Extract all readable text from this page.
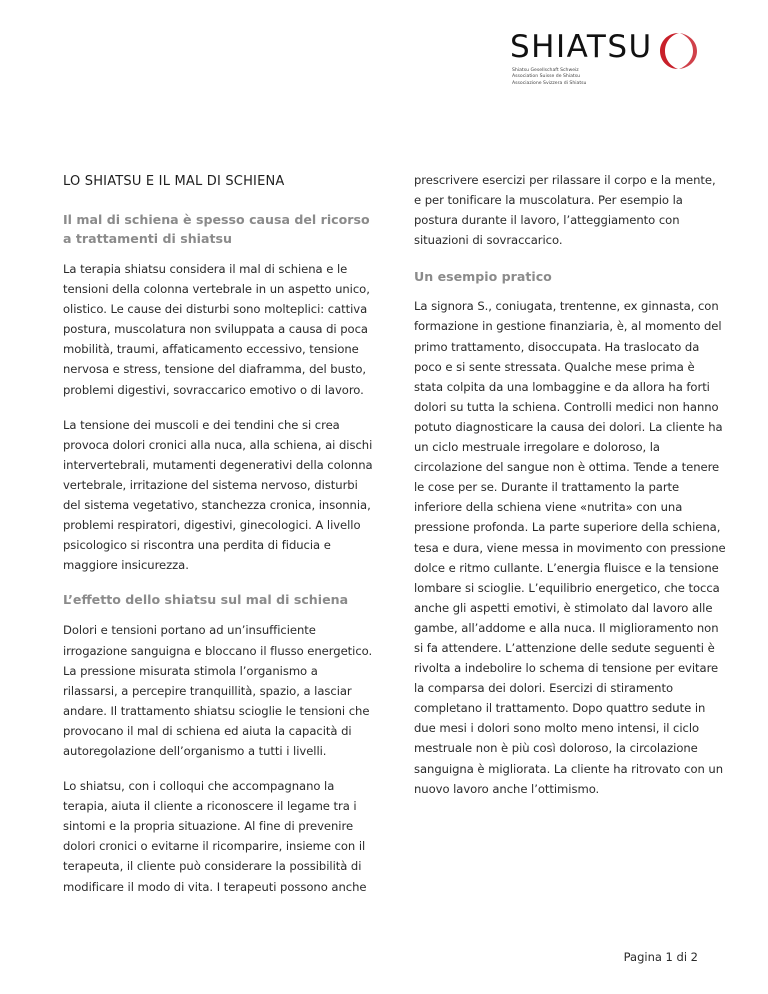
SHIATSU
Shiatsu Gesellschaft Schweiz
Association Suisse de Shiatsu
Associazione Svizzera di Shiatsu
LO SHIATSU E IL MAL DI SCHIENA
Il mal di schiena è spesso causa del ricorso a trattamenti di shiatsu

La terapia shiatsu considera il mal di schiena e le tensioni della colonna vertebrale in un aspetto unico, olistico. Le cause dei disturbi sono molteplici: cattiva postura, muscolatura non sviluppata a causa di poca mobilità, traumi, affaticamento eccessivo, tensione nervosa e stress, tensione del diaframma, del busto, problemi digestivi, sovraccarico emotivo o di lavoro.

La tensione dei muscoli e dei tendini che si crea provoca dolori cronici alla nuca, alla schiena, ai dischi intervertebrali, mutamenti degenerativi della colonna vertebrale, irritazione del sistema nervoso, disturbi del sistema vegetativo, stanchezza cronica, insonnia, problemi respiratori, digestivi, ginecologici. A livello psicologico si riscontra una perdita di fiducia e maggiore insicurezza.

L’effetto dello shiatsu sul mal di schiena

Dolori e tensioni portano ad un’insufficiente irrogazione sanguigna e bloccano il flusso energetico. La pressione misurata stimola l’organismo a rilassarsi, a percepire tranquillità, spazio, a lasciar andare. Il trattamento shiatsu scioglie le tensioni che provocano il mal di schiena ed aiuta la capacità di autoregolazione dell’organismo a tutti i livelli.

Lo shiatsu, con i colloqui che accompagnano la terapia, aiuta il cliente a riconoscere il legame tra i sintomi e la propria situazione. Al fine di prevenire dolori cronici o evitarne il ricomparire, insieme con il terapeuta, il cliente può considerare la possibilità di modificare il modo di vita. I terapeuti possono anche

prescrivere esercizi per rilassare il corpo e la mente, e per tonificare la muscolatura. Per esempio la postura durante il lavoro, l’atteggiamento con situazioni di sovraccarico.

Un esempio pratico

La signora S., coniugata, trentenne, ex ginnasta, con formazione in gestione finanziaria, è, al momento del primo trattamento, disoccupata. Ha traslocato da poco e si sente stressata. Qualche mese prima è stata colpita da una lombaggine e da allora ha forti dolori su tutta la schiena. Controlli medici non hanno potuto diagnosticare la causa dei dolori. La cliente ha un ciclo mestruale irregolare e doloroso, la circolazione del sangue non è ottima. Tende a tenere le cose per se. Durante il trattamento la parte inferiore della schiena viene «nutrita» con una pressione profonda. La parte superiore della schiena, tesa e dura, viene messa in movimento con pressione dolce e ritmo cullante. L’energia fluisce e la tensione lombare si scioglie. L’equilibrio energetico, che tocca anche gli aspetti emotivi, è stimolato dal lavoro alle gambe, all’addome e alla nuca. Il miglioramento non si fa attendere. L’attenzione delle sedute seguenti è rivolta a indebolire lo schema di tensione per evitare la comparsa dei dolori. Esercizi di stiramento completano il trattamento. Dopo quattro sedute in due mesi i dolori sono molto meno intensi, il ciclo mestruale non è più così doloroso, la circolazione sanguigna è migliorata. La cliente ha ritrovato con un nuovo lavoro anche l’ottimismo.

Pagina 1 di 2
